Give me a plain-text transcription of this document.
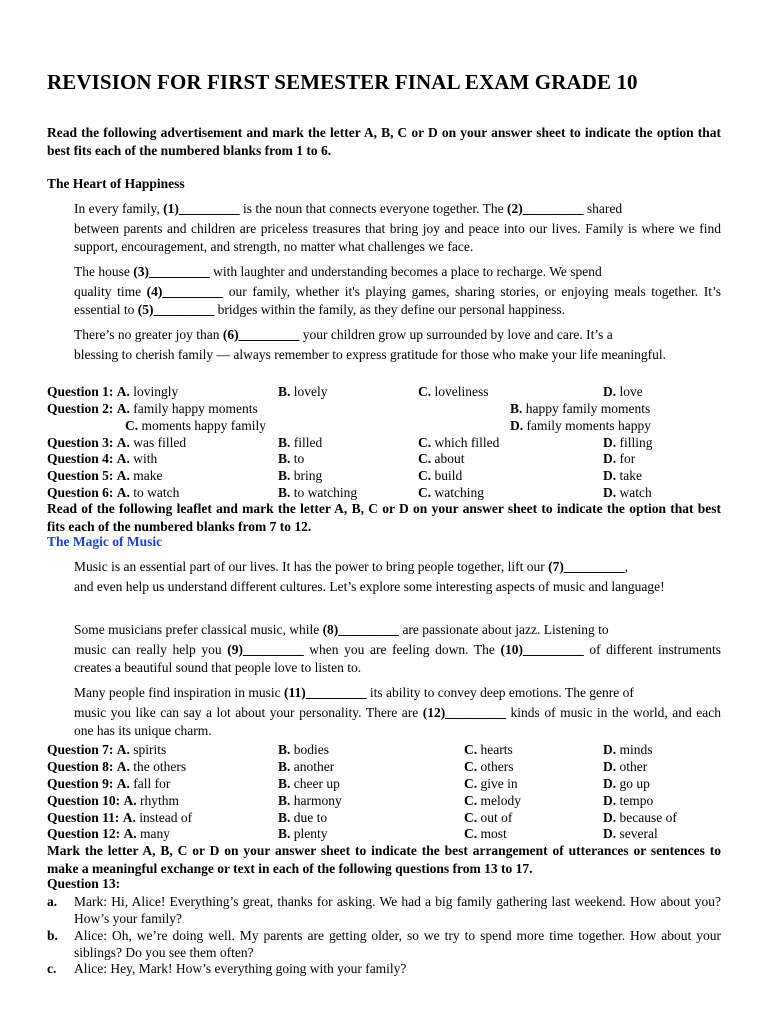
REVISION FOR FIRST SEMESTER FINAL EXAM GRADE 10
Read the following advertisement and mark the letter A, B, C or D on your answer sheet to indicate the option that best fits each of the numbered blanks from 1 to 6.
The Heart of Happiness
In every family, (1)_________ is the noun that connects everyone together. The (2)_________ shared
between parents and children are priceless treasures that bring joy and peace into our lives. Family is where we find support, encouragement, and strength, no matter what challenges we face.
The house (3)_________ with laughter and understanding becomes a place to recharge. We spend
quality time (4)_________ our family, whether it's playing games, sharing stories, or enjoying meals together. It’s essential to (5)_________ bridges within the family, as they define our personal happiness.
There’s no greater joy than (6)_________ your children grow up surrounded by love and care. It’s a
blessing to cherish family — always remember to express gratitude for those who make your life meaningful.
Question 1: A. lovingly	B. lovely	C. loveliness	D. love
Question 2: A. family happy moments	B. happy family moments
C. moments happy family	D. family moments happy
Question 3: A. was filled	B. filled	C. which filled	D. filling
Question 4: A. with	B. to	C. about	D. for
Question 5: A. make	B. bring	C. build	D. take
Question 6: A. to watch	B. to watching	C. watching	D. watch
Read of the following leaflet and mark the letter A, B, C or D on your answer sheet to indicate the option that best fits each of the numbered blanks from 7 to 12.
The Magic of Music
Music is an essential part of our lives. It has the power to bring people together, lift our (7)_________,
and even help us understand different cultures. Let’s explore some interesting aspects of music and language!
Some musicians prefer classical music, while (8)_________ are passionate about jazz. Listening to
music can really help you (9)_________ when you are feeling down. The (10)_________ of different instruments creates a beautiful sound that people love to listen to.
Many people find inspiration in music (11)_________ its ability to convey deep emotions. The genre of
music you like can say a lot about your personality. There are (12)_________ kinds of music in the world, and each one has its unique charm.
Question 7: A. spirits	B. bodies	C. hearts	D. minds
Question 8: A. the others	B. another	C. others	D. other
Question 9: A. fall for	B. cheer up	C. give in	D. go up
Question 10: A. rhythm	B. harmony	C. melody	D. tempo
Question 11: A. instead of	B. due to	C. out of	D. because of
Question 12: A. many	B. plenty	C. most	D. several
Mark the letter A, B, C or D on your answer sheet to indicate the best arrangement of utterances or sentences to make a meaningful exchange or text in each of the following questions from 13 to 17.
Question 13:
a. Mark: Hi, Alice! Everything’s great, thanks for asking. We had a big family gathering last weekend. How about you? How’s your family?
b. Alice: Oh, we’re doing well. My parents are getting older, so we try to spend more time together. How about your siblings? Do you see them often?
c. Alice: Hey, Mark! How’s everything going with your family?
